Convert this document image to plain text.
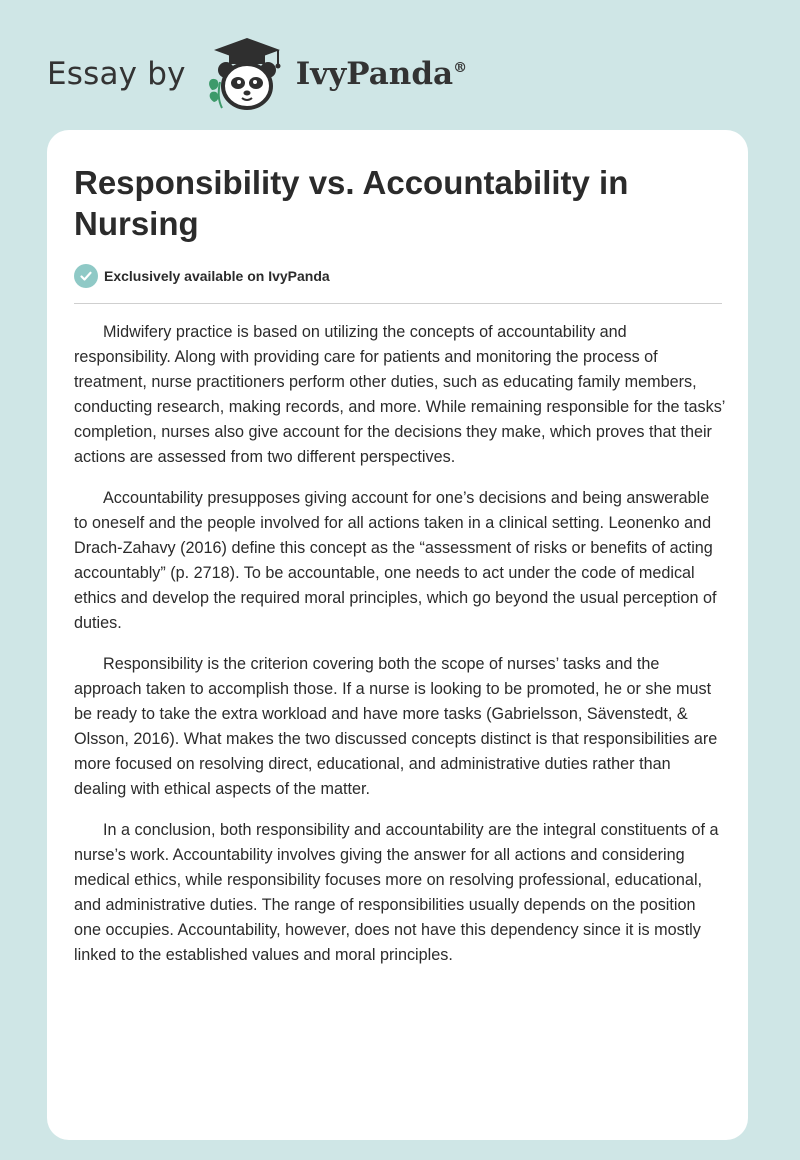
Essay by	IvyPanda®
Responsibility vs. Accountability in Nursing
Exclusively available on IvyPanda

Midwifery practice is based on utilizing the concepts of accountability and responsibility. Along with providing care for patients and monitoring the process of treatment, nurse practitioners perform other duties, such as educating family members, conducting research, making records, and more. While remaining responsible for the tasks’ completion, nurses also give account for the decisions they make, which proves that their actions are assessed from two different perspectives.

Accountability presupposes giving account for one’s decisions and being answerable to oneself and the people involved for all actions taken in a clinical setting. Leonenko and Drach-Zahavy (2016) define this concept as the “assessment of risks or benefits of acting accountably” (p. 2718). To be accountable, one needs to act under the code of medical ethics and develop the required moral principles, which go beyond the usual perception of duties.

Responsibility is the criterion covering both the scope of nurses’ tasks and the approach taken to accomplish those. If a nurse is looking to be promoted, he or she must be ready to take the extra workload and have more tasks (Gabrielsson, Sävenstedt, & Olsson, 2016). What makes the two discussed concepts distinct is that responsibilities are more focused on resolving direct, educational, and administrative duties rather than dealing with ethical aspects of the matter.

In a conclusion, both responsibility and accountability are the integral constituents of a nurse’s work. Accountability involves giving the answer for all actions and considering medical ethics, while responsibility focuses more on resolving professional, educational, and administrative duties. The range of responsibilities usually depends on the position one occupies. Accountability, however, does not have this dependency since it is mostly linked to the established values and moral principles.
